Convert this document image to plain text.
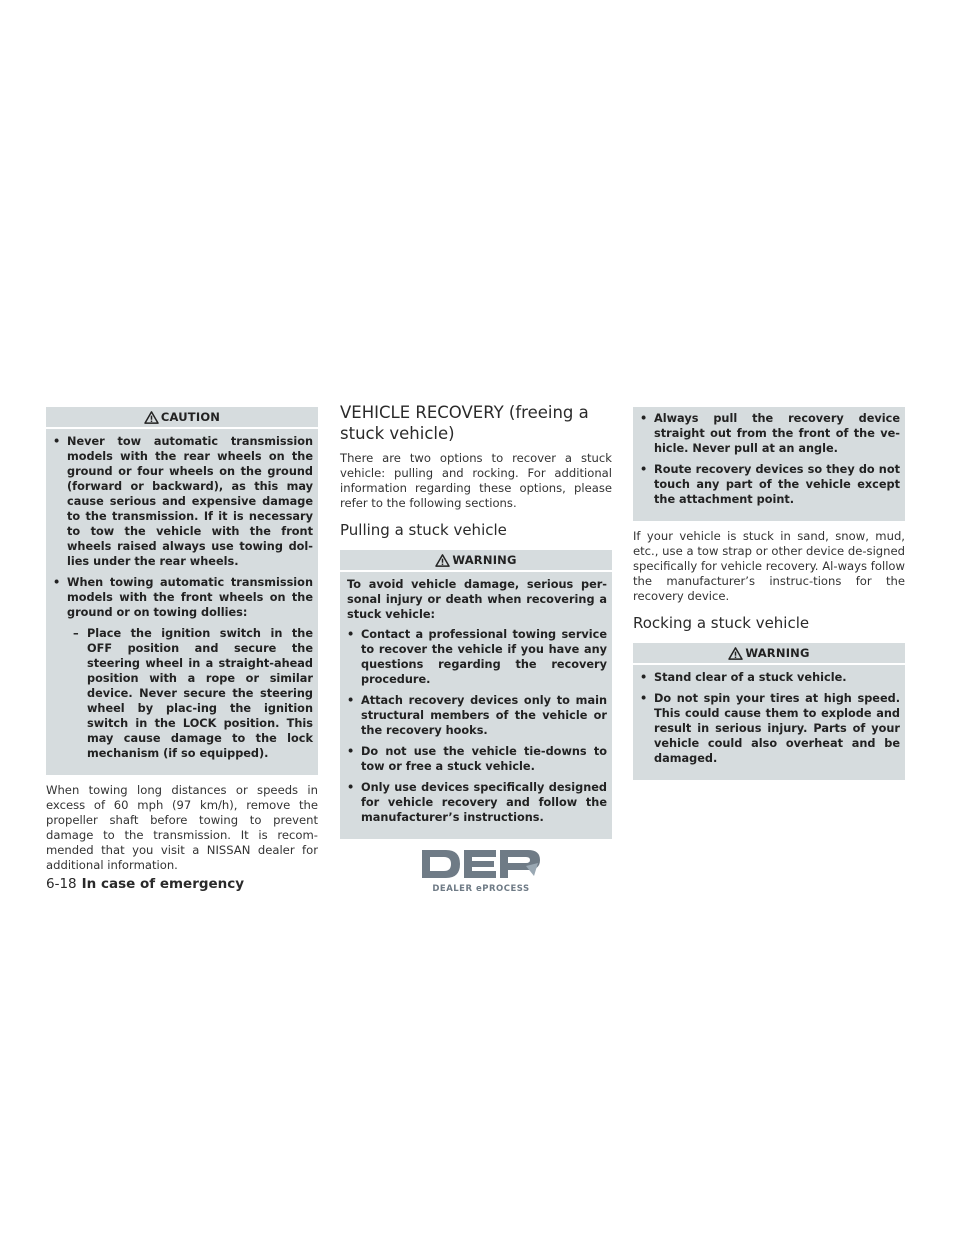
CAUTION
• Never tow automatic transmission models with the rear wheels on the ground or four wheels on the ground (forward or backward), as this may cause serious and expensive damage to the transmission. If it is necessary to tow the vehicle with the front wheels raised always use towing dol-lies under the rear wheels.
• When towing automatic transmission models with the front wheels on the ground or on towing dollies:
– Place the ignition switch in the OFF position and secure the steering wheel in a straight-ahead position with a rope or similar device. Never secure the steering wheel by plac-ing the ignition switch in the LOCK position. This may cause damage to the lock mechanism (if so equipped).

When towing long distances or speeds in excess of 60 mph (97 km/h), remove the propeller shaft before towing to prevent damage to the transmission. It is recom-mended that you visit a NISSAN dealer for additional information.

VEHICLE RECOVERY (freeing a
stuck vehicle)

There are two options to recover a stuck vehicle: pulling and rocking. For additional information regarding these options, please refer to the following sections.

Pulling a stuck vehicle
WARNING

To avoid vehicle damage, serious per-sonal injury or death when recovering a stuck vehicle:

• Contact a professional towing service to recover the vehicle if you have any questions regarding the recovery procedure.
• Attach recovery devices only to main structural members of the vehicle or the recovery hooks.
• Do not use the vehicle tie-downs to tow or free a stuck vehicle.
• Only use devices specifically designed for vehicle recovery and follow the manufacturer’s instructions.
• Always pull the recovery device straight out from the front of the ve-hicle. Never pull at an angle.
• Route recovery devices so they do not touch any part of the vehicle except the attachment point.

If your vehicle is stuck in sand, snow, mud, etc., use a tow strap or other device de-signed specifically for vehicle recovery. Al-ways follow the manufacturer’s instruc-tions for the recovery device.

Rocking a stuck vehicle
WARNING
• Stand clear of a stuck vehicle.
• Do not spin your tires at high speed. This could cause them to explode and result in serious injury. Parts of your vehicle could also overheat and be damaged.
DEALER ePROCESS
6-18 In case of emergency
